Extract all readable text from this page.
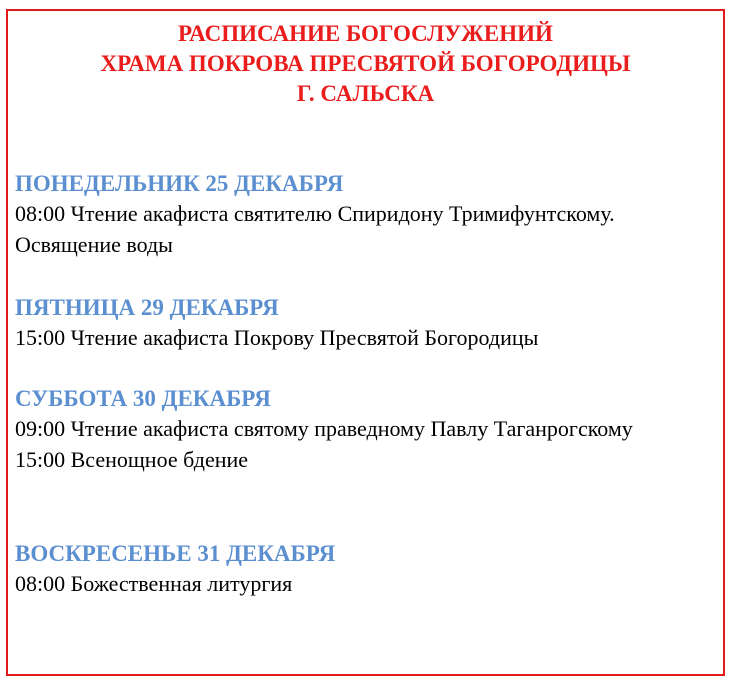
РАСПИСАНИЕ БОГОСЛУЖЕНИЙ
ХРАМА ПОКРОВА ПРЕСВЯТОЙ БОГОРОДИЦЫ
Г. САЛЬСКА

ПОНЕДЕЛЬНИК 25 ДЕКАБРЯ

08:00 Чтение акафиста святителю Спиридону Тримифунтскому. Освящение воды

ПЯТНИЦА 29 ДЕКАБРЯ

15:00 Чтение акафиста Покрову Пресвятой Богородицы

СУББОТА 30 ДЕКАБРЯ

09:00 Чтение акафиста святому праведному Павлу Таганрогскому

15:00 Всенощное бдение

ВОСКРЕСЕНЬЕ 31 ДЕКАБРЯ

08:00 Божественная литургия
